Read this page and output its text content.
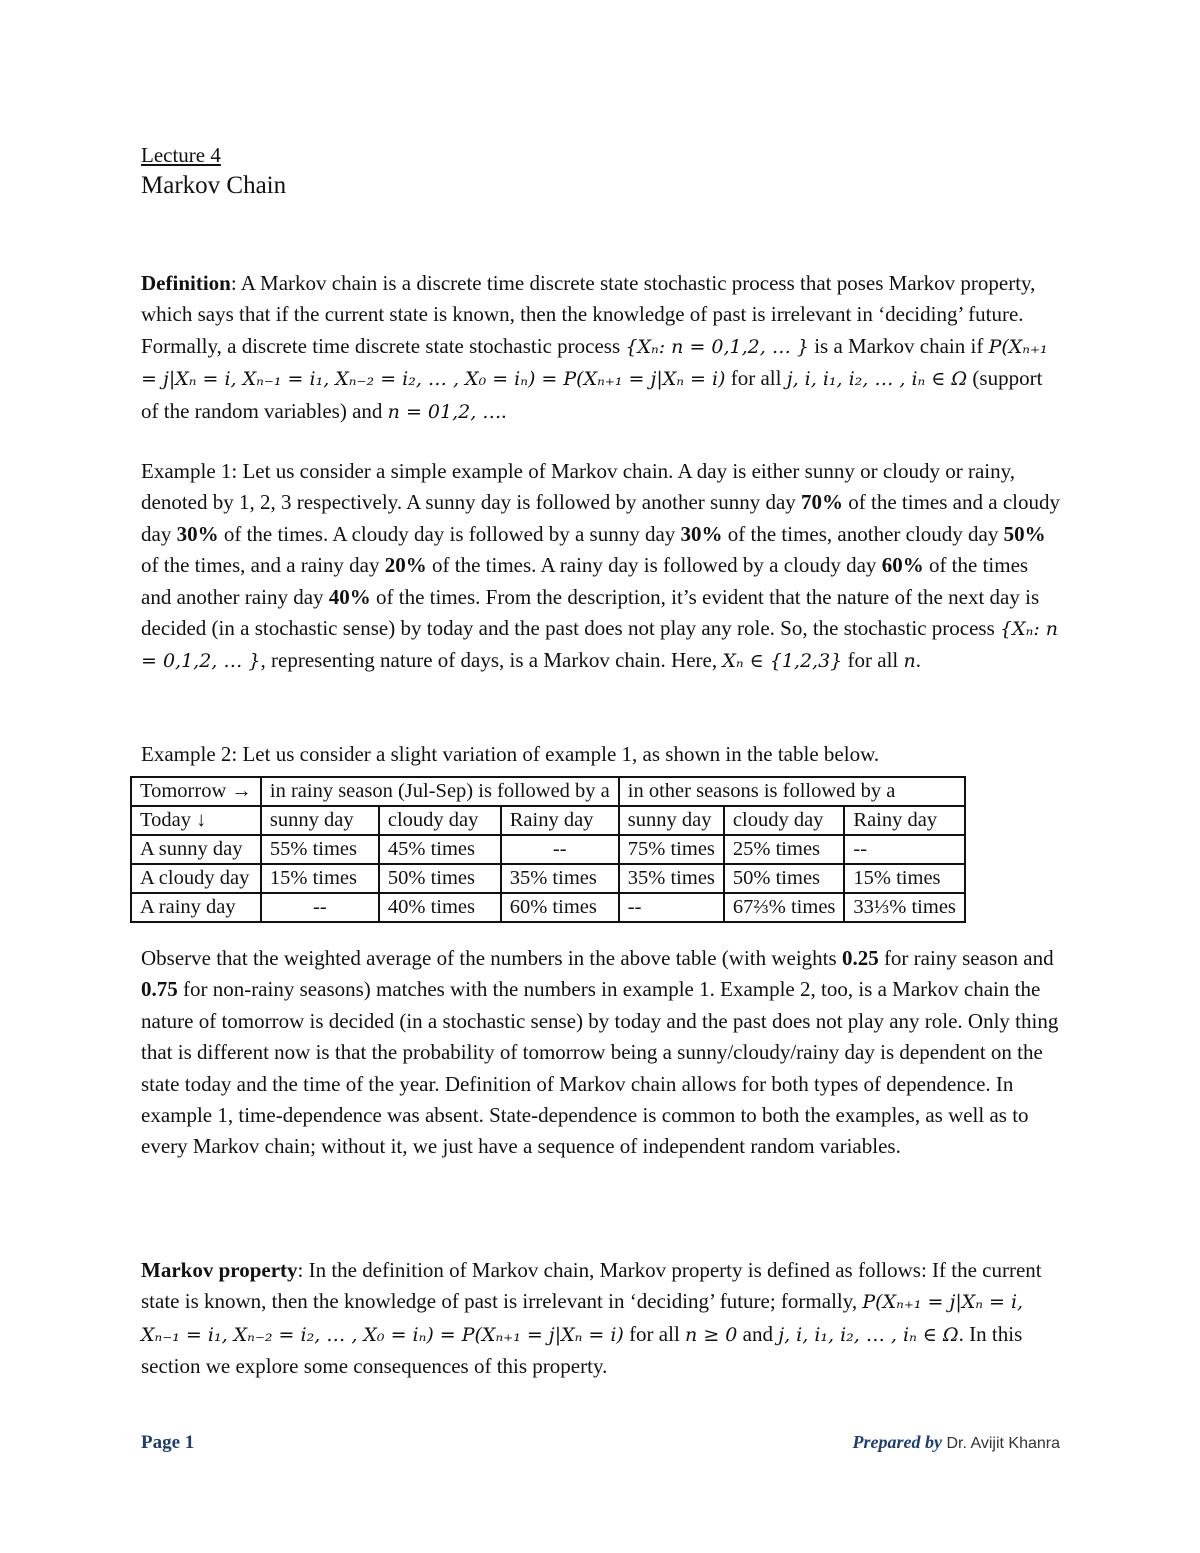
Lecture 4
Markov Chain

Definition: A Markov chain is a discrete time discrete state stochastic process that poses Markov property, which says that if the current state is known, then the knowledge of past is irrelevant in ‘deciding’ future. Formally, a discrete time discrete state stochastic process {Xₙ: n = 0,1,2, … } is a Markov chain if P(Xₙ₊₁ = j|Xₙ = i, Xₙ₋₁ = i₁, Xₙ₋₂ = i₂, … , X₀ = iₙ) = P(Xₙ₊₁ = j|Xₙ = i) for all j, i, i₁, i₂, … , iₙ ∈ Ω (support of the random variables) and n = 01,2, ….

Example 1: Let us consider a simple example of Markov chain. A day is either sunny or cloudy or rainy, denoted by 1, 2, 3 respectively. A sunny day is followed by another sunny day 70% of the times and a cloudy day 30% of the times. A cloudy day is followed by a sunny day 30% of the times, another cloudy day 50% of the times, and a rainy day 20% of the times. A rainy day is followed by a cloudy day 60% of the times and another rainy day 40% of the times. From the description, it’s evident that the nature of the next day is decided (in a stochastic sense) by today and the past does not play any role. So, the stochastic process {Xₙ: n = 0,1,2, … }, representing nature of days, is a Markov chain. Here, Xₙ ∈ {1,2,3} for all n.

Example 2: Let us consider a slight variation of example 1, as shown in the table below.

Tomorrow →	in rainy season (Jul-Sep) is followed by a			in other seasons is followed by a		
Today ↓	sunny day	cloudy day	Rainy day	sunny day	cloudy day	Rainy day
A sunny day	55% times	45% times	--	75% times	25% times	--
A cloudy day	15% times	50% times	35% times	35% times	50% times	15% times
A rainy day	--	40% times	60% times	--	67⅔% times	33⅓% times

Observe that the weighted average of the numbers in the above table (with weights 0.25 for rainy season and 0.75 for non-rainy seasons) matches with the numbers in example 1. Example 2, too, is a Markov chain the nature of tomorrow is decided (in a stochastic sense) by today and the past does not play any role. Only thing that is different now is that the probability of tomorrow being a sunny/cloudy/rainy day is dependent on the state today and the time of the year. Definition of Markov chain allows for both types of dependence. In example 1, time-dependence was absent. State-dependence is common to both the examples, as well as to every Markov chain; without it, we just have a sequence of independent random variables.

Markov property: In the definition of Markov chain, Markov property is defined as follows: If the current state is known, then the knowledge of past is irrelevant in ‘deciding’ future; formally, P(Xₙ₊₁ = j|Xₙ = i, Xₙ₋₁ = i₁, Xₙ₋₂ = i₂, … , X₀ = iₙ) = P(Xₙ₊₁ = j|Xₙ = i) for all n ≥ 0 and j, i, i₁, i₂, … , iₙ ∈ Ω. In this section we explore some consequences of this property.

Page 1	Prepared by Dr. Avijit Khanra
